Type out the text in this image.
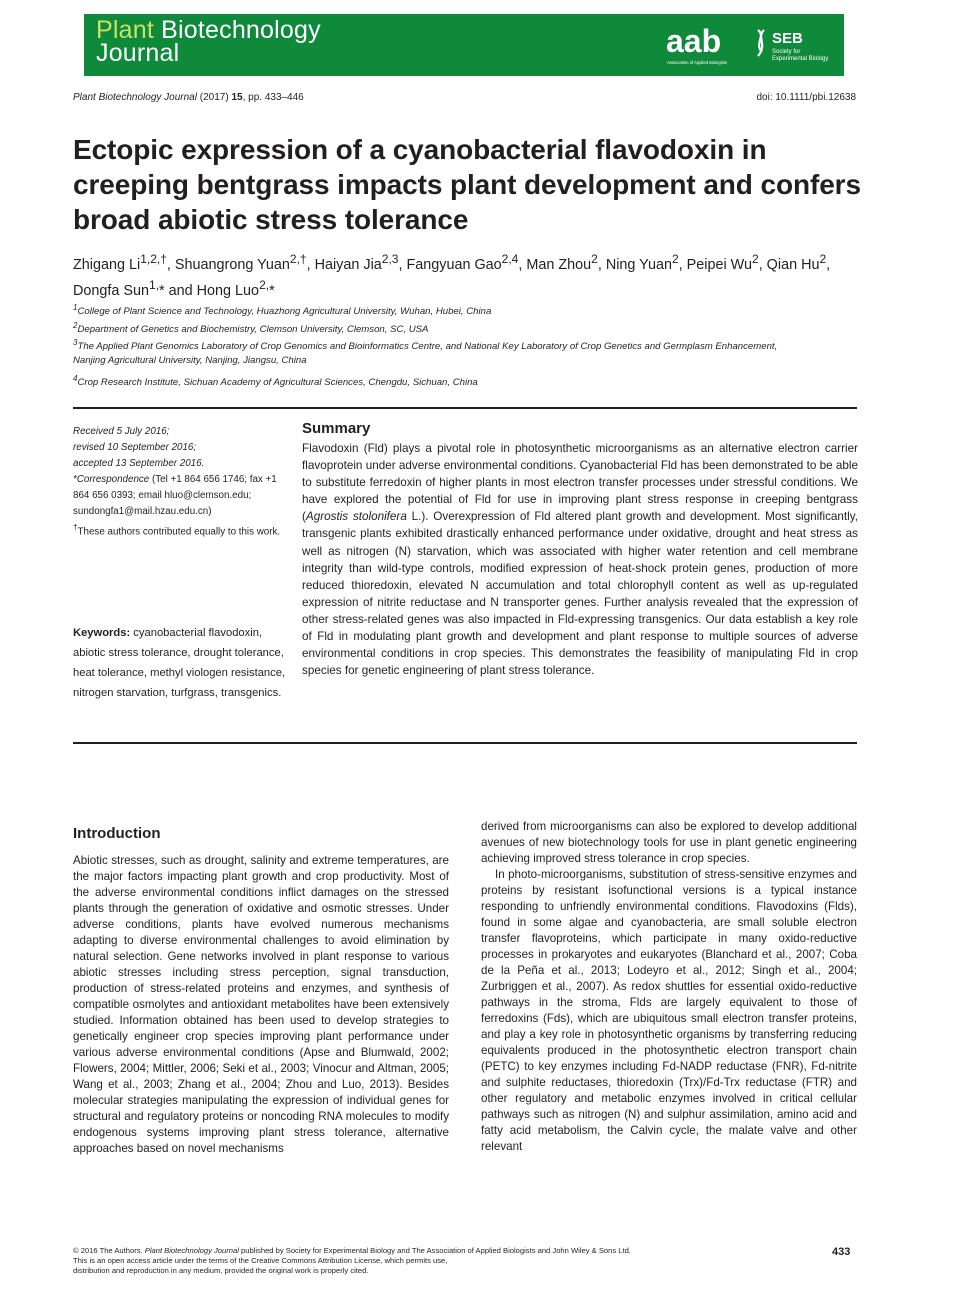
Plant Biotechnology
Journal	aab
Association of Applied Biologists
SEB
Society for
Experimental Biology
Plant Biotechnology Journal (2017) 15, pp. 433–446	doi: 10.1111/pbi.12638
Ectopic expression of a cyanobacterial flavodoxin in creeping bentgrass impacts plant development and confers broad abiotic stress tolerance
Zhigang $Li^{1,2,\dagger}$, Shuangrong Yuan$^{2,\dagger}$, Haiyan Jia$^{2,3}$, Fangyuan Gao$^{2,4}$, Man Zhou$^2$, Ning Yuan$^2$, Peipei Wu$^2$, Qian Hu$^2$,
Dongfa Sun$^{1,}$* and Hong Luo$^{2,}$*
$^1$College of Plant Science and Technology, Huazhong Agricultural University, Wuhan, Hubei, China
$^2$Department of Genetics and Biochemistry, Clemson University, Clemson, SC, USA
$^3$The Applied Plant Genomics Laboratory of Crop Genomics and Bioinformatics Centre, and National Key Laboratory of Crop Genetics and Germplasm Enhancement,
Nanjing Agricultural University, Nanjing, Jiangsu, China
$^4$Crop Research Institute, Sichuan Academy of Agricultural Sciences, Chengdu, Sichuan, China
Received 5 July 2016;
revised 10 September 2016;
accepted 13 September 2016.
*Correspondence (Tel +1 864 656 1746; fax +1 864 656 0393; email hluo@clemson.edu; sundongfa1@mail.hzau.edu.cn)
†These authors contributed equally to this work.
Keywords: cyanobacterial flavodoxin, abiotic stress tolerance, drought tolerance, heat tolerance, methyl viologen resistance, nitrogen starvation, turfgrass, transgenics.
Summary
Flavodoxin (Fld) plays a pivotal role in photosynthetic microorganisms as an alternative electron carrier flavoprotein under adverse environmental conditions. Cyanobacterial Fld has been demonstrated to be able to substitute ferredoxin of higher plants in most electron transfer processes under stressful conditions. We have explored the potential of Fld for use in improving plant stress response in creeping bentgrass (Agrostis stolonifera L.). Overexpression of Fld altered plant growth and development. Most significantly, transgenic plants exhibited drastically enhanced performance under oxidative, drought and heat stress as well as nitrogen (N) starvation, which was associated with higher water retention and cell membrane integrity than wild-type controls, modified expression of heat-shock protein genes, production of more reduced thioredoxin, elevated N accumulation and total chlorophyll content as well as up-regulated expression of nitrite reductase and N transporter genes. Further analysis revealed that the expression of other stress-related genes was also impacted in Fld-expressing transgenics. Our data establish a key role of Fld in modulating plant growth and development and plant response to multiple sources of adverse environmental conditions in crop species. This demonstrates the feasibility of manipulating Fld in crop species for genetic engineering of plant stress tolerance.
Introduction

Abiotic stresses, such as drought, salinity and extreme temperatures, are the major factors impacting plant growth and crop productivity. Most of the adverse environmental conditions inflict damages on the stressed plants through the generation of oxidative and osmotic stresses. Under adverse conditions, plants have evolved numerous mechanisms adapting to diverse environmental challenges to avoid elimination by natural selection. Gene networks involved in plant response to various abiotic stresses including stress perception, signal transduction, production of stress-related proteins and enzymes, and synthesis of compatible osmolytes and antioxidant metabolites have been extensively studied. Information obtained has been used to develop strategies to genetically engineer crop species improving plant performance under various adverse environmental conditions (Apse and Blumwald, 2002; Flowers, 2004; Mittler, 2006; Seki et al., 2003; Vinocur and Altman, 2005; Wang et al., 2003; Zhang et al., 2004; Zhou and Luo, 2013). Besides molecular strategies manipulating the expression of individual genes for structural and regulatory proteins or noncoding RNA molecules to modify endogenous systems improving plant stress tolerance, alternative approaches based on novel mechanisms

derived from microorganisms can also be explored to develop additional avenues of new biotechnology tools for use in plant genetic engineering achieving improved stress tolerance in crop species.

In photo-microorganisms, substitution of stress-sensitive enzymes and proteins by resistant isofunctional versions is a typical instance responding to unfriendly environmental conditions. Flavodoxins (Flds), found in some algae and cyanobacteria, are small soluble electron transfer flavoproteins, which participate in many oxido-reductive processes in prokaryotes and eukaryotes (Blanchard et al., 2007; Coba de la Peña et al., 2013; Lodeyro et al., 2012; Singh et al., 2004; Zurbriggen et al., 2007). As redox shuttles for essential oxido-reductive pathways in the stroma, Flds are largely equivalent to those of ferredoxins (Fds), which are ubiquitous small electron transfer proteins, and play a key role in photosynthetic organisms by transferring reducing equivalents produced in the photosynthetic electron transport chain (PETC) to key enzymes including Fd-NADP reductase (FNR), Fd-nitrite and sulphite reductases, thioredoxin (Trx)/Fd-Trx reductase (FTR) and other regulatory and metabolic enzymes involved in critical cellular pathways such as nitrogen (N) and sulphur assimilation, amino acid and fatty acid metabolism, the Calvin cycle, the malate valve and other relevant

© 2016 The Authors. Plant Biotechnology Journal published by Society for Experimental Biology and The Association of Applied Biologists and John Wiley & Sons Ltd.
This is an open access article under the terms of the Creative Commons Attribution License, which permits use,
distribution and reproduction in any medium, provided the original work is properly cited.
433
